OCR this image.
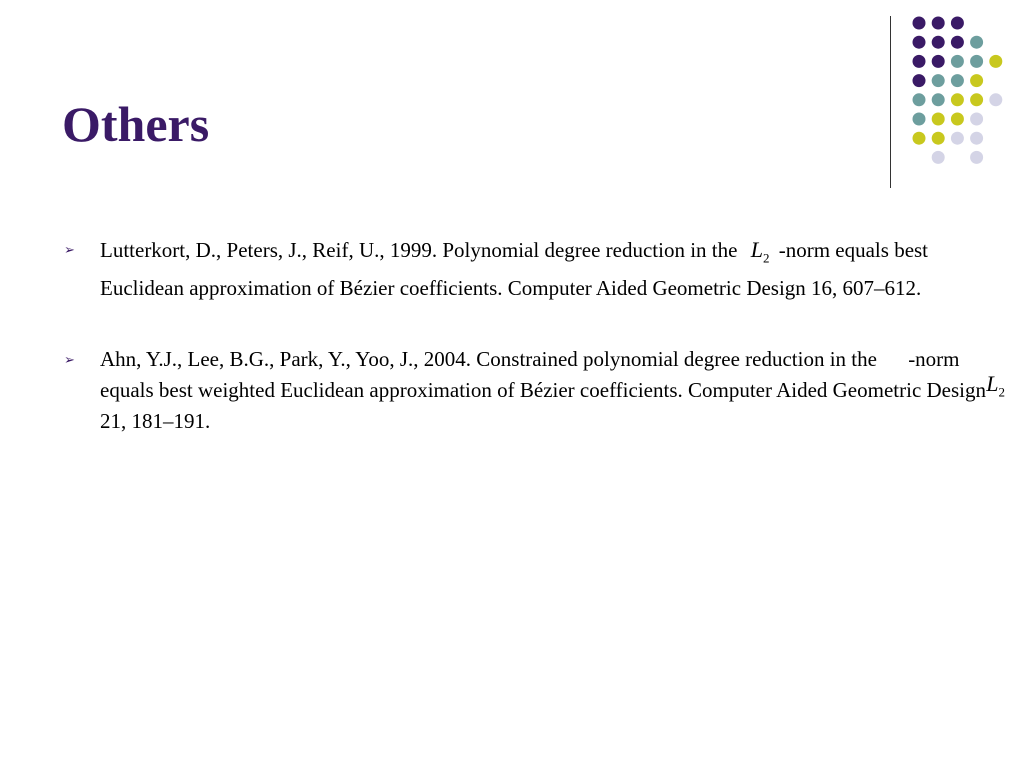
Others
➢ Lutterkort, D., Peters, J., Reif, U., 1999. Polynomial degree reduction in the $L_2$ -norm equals best Euclidean approximation of Bézier coefficients. Computer Aided Geometric Design 16, 607–612.
➢ Ahn, Y.J., Lee, B.G., Park, Y., Yoo, J., 2004. Constrained polynomial degree reduction in the
$L_2$
-norm equals best weighted Euclidean approximation of Bézier coefficients. Computer Aided Geometric Design 21, 181–191.
